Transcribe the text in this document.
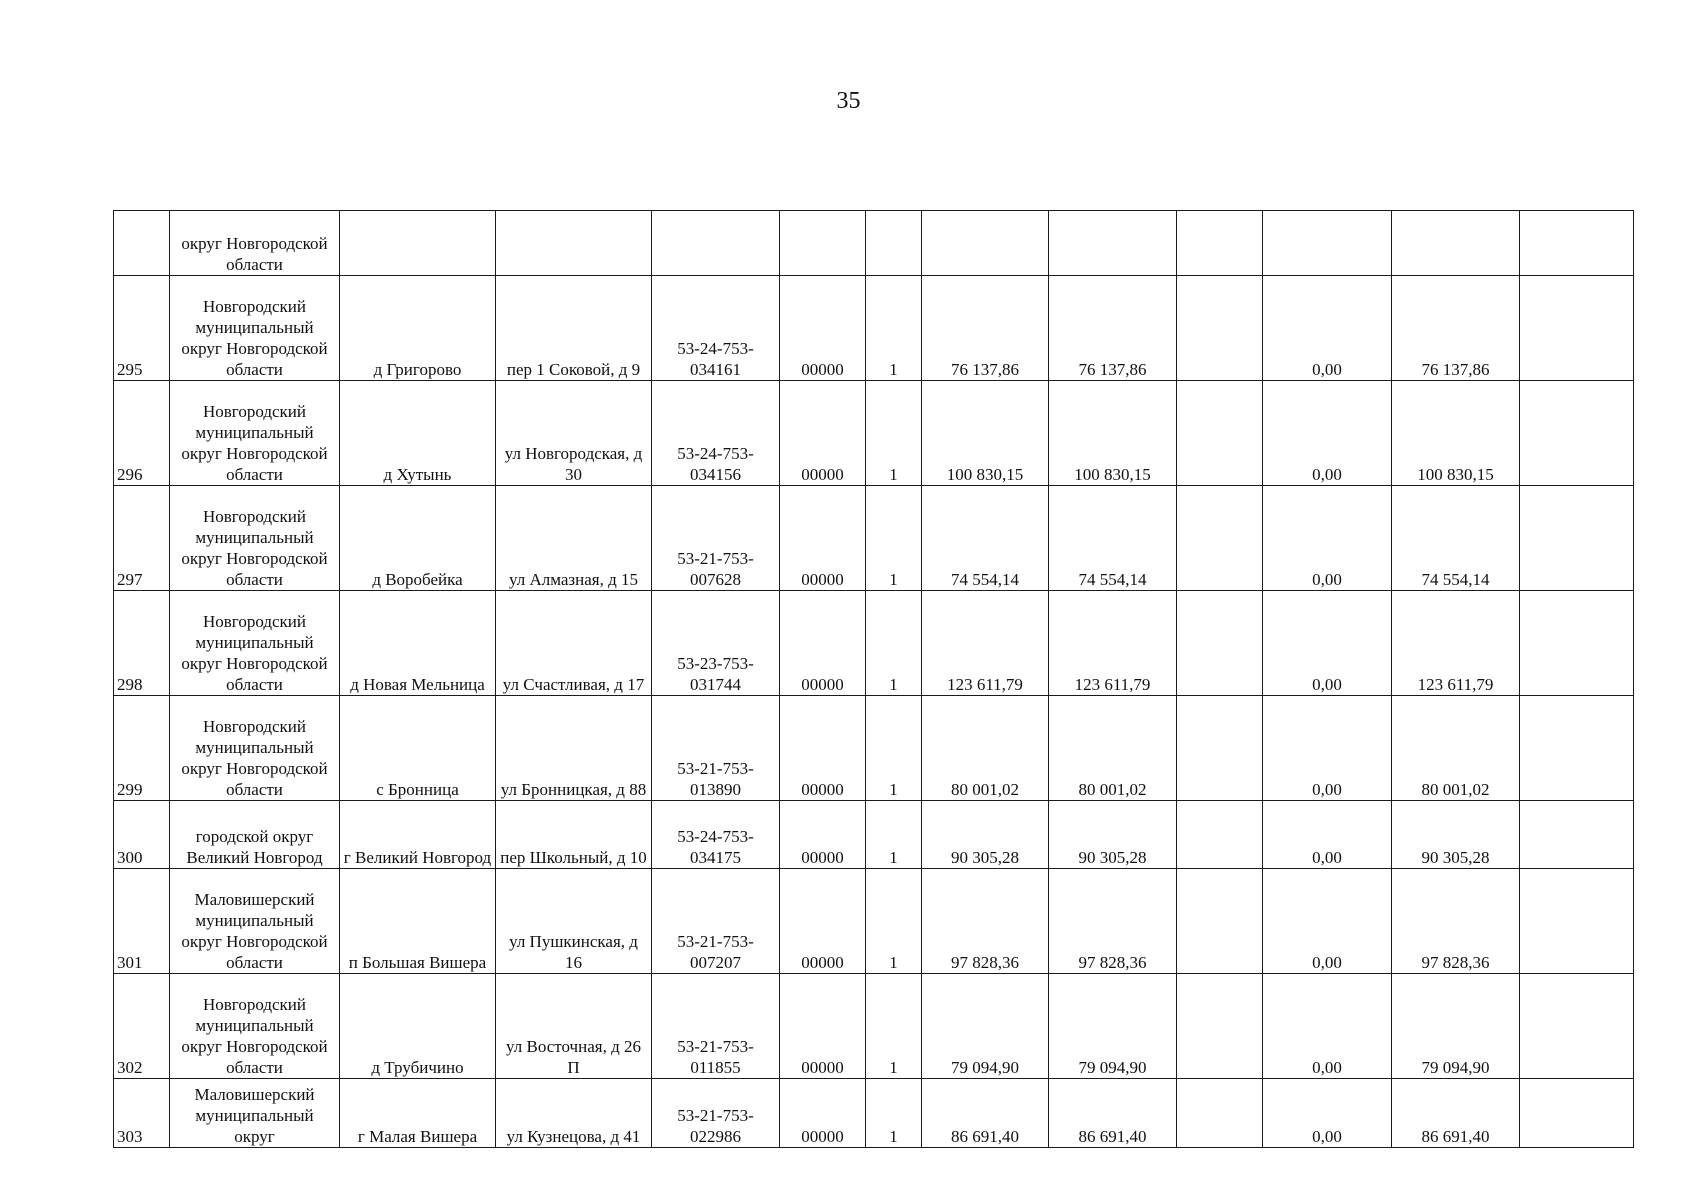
35
	округ Новгородской области											
295	Новгородский муниципальный округ Новгородской области	д Григорово	пер 1 Соковой, д 9	53-24-753-034161	00000	1	76 137,86	76 137,86		0,00	76 137,86	
296	Новгородский муниципальный округ Новгородской области	д Хутынь	ул Новгородская, д 30	53-24-753-034156	00000	1	100 830,15	100 830,15		0,00	100 830,15	
297	Новгородский муниципальный округ Новгородской области	д Воробейка	ул Алмазная, д 15	53-21-753-007628	00000	1	74 554,14	74 554,14		0,00	74 554,14	
298	Новгородский муниципальный округ Новгородской области	д Новая Мельница	ул Счастливая, д 17	53-23-753-031744	00000	1	123 611,79	123 611,79		0,00	123 611,79	
299	Новгородский муниципальный округ Новгородской области	с Бронница	ул Бронницкая, д 88	53-21-753-013890	00000	1	80 001,02	80 001,02		0,00	80 001,02	
300	городской округ Великий Новгород	г Великий Новгород	пер Школьный, д 10	53-24-753-034175	00000	1	90 305,28	90 305,28		0,00	90 305,28	
301	Маловишерский муниципальный округ Новгородской области	п Большая Вишера	ул Пушкинская, д 16	53-21-753-007207	00000	1	97 828,36	97 828,36		0,00	97 828,36	
302	Новгородский муниципальный округ Новгородской области	д Трубичино	ул Восточная, д 26 П	53-21-753-011855	00000	1	79 094,90	79 094,90		0,00	79 094,90	
303	Маловишерский муниципальный округ	г Малая Вишера	ул Кузнецова, д 41	53-21-753-022986	00000	1	86 691,40	86 691,40		0,00	86 691,40	
